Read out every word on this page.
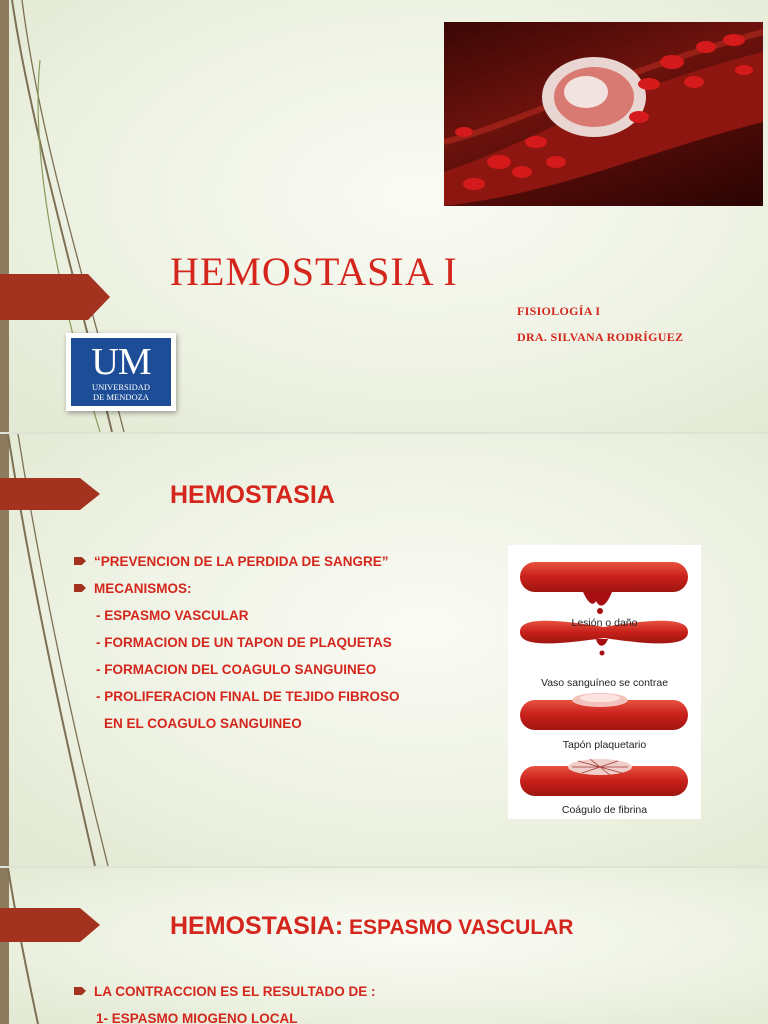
HEMOSTASIA I
FISIOLOGÍA I
DRA. SILVANA RODRÍGUEZ
UM
UNIVERSIDAD
DE MENDOZA
HEMOSTASIA
“PREVENCION DE LA PERDIDA DE SANGRE”
MECANISMOS:
- ESPASMO VASCULAR
- FORMACION DE UN TAPON DE PLAQUETAS
- FORMACION DEL COAGULO SANGUINEO
- PROLIFERACION FINAL DE TEJIDO FIBROSO
EN EL COAGULO SANGUINEO
Lesión o daño
Vaso sanguíneo se contrae
Tapón plaquetario
Coágulo de fibrina
HEMOSTASIA: ESPASMO VASCULAR
LA CONTRACCION ES EL RESULTADO DE :
1- ESPASMO MIOGENO LOCAL
